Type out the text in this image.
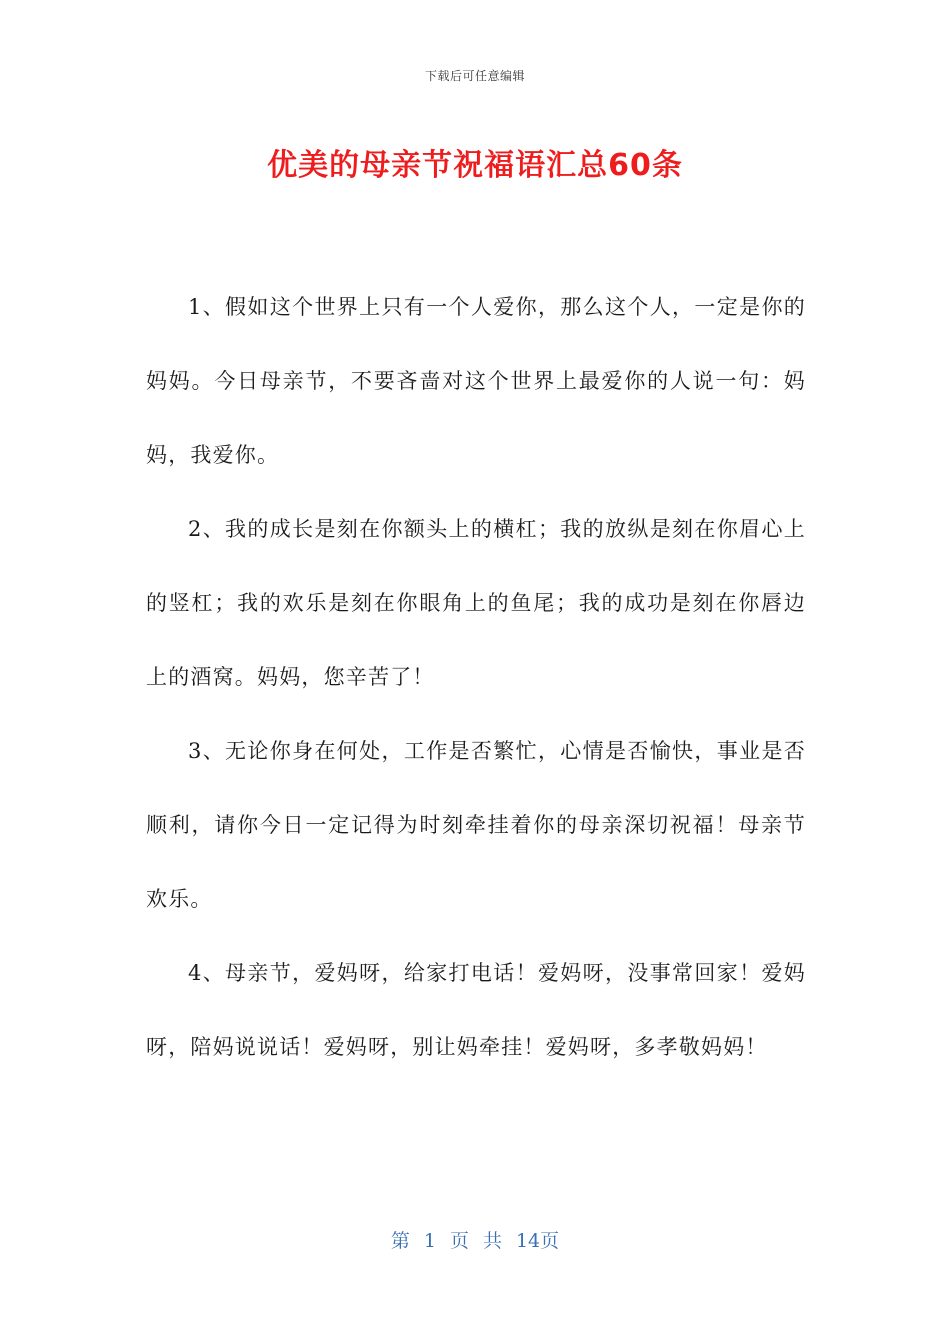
下载后可任意编辑
优美的母亲节祝福语汇总60条

1、假如这个世界上只有一个人爱你，那么这个人，一定是你的妈妈。今日母亲节，不要吝啬对这个世界上最爱你的人说一句：妈妈，我爱你。

2、我的成长是刻在你额头上的横杠；我的放纵是刻在你眉心上的竖杠；我的欢乐是刻在你眼角上的鱼尾；我的成功是刻在你唇边上的酒窝。妈妈，您辛苦了！

3、无论你身在何处，工作是否繁忙，心情是否愉快，事业是否顺利，请你今日一定记得为时刻牵挂着你的母亲深切祝福！母亲节欢乐。

4、母亲节，爱妈呀，给家打电话！爱妈呀，没事常回家！爱妈呀，陪妈说说话！爱妈呀，别让妈牵挂！爱妈呀，多孝敬妈妈！

第 1 页 共 14页
